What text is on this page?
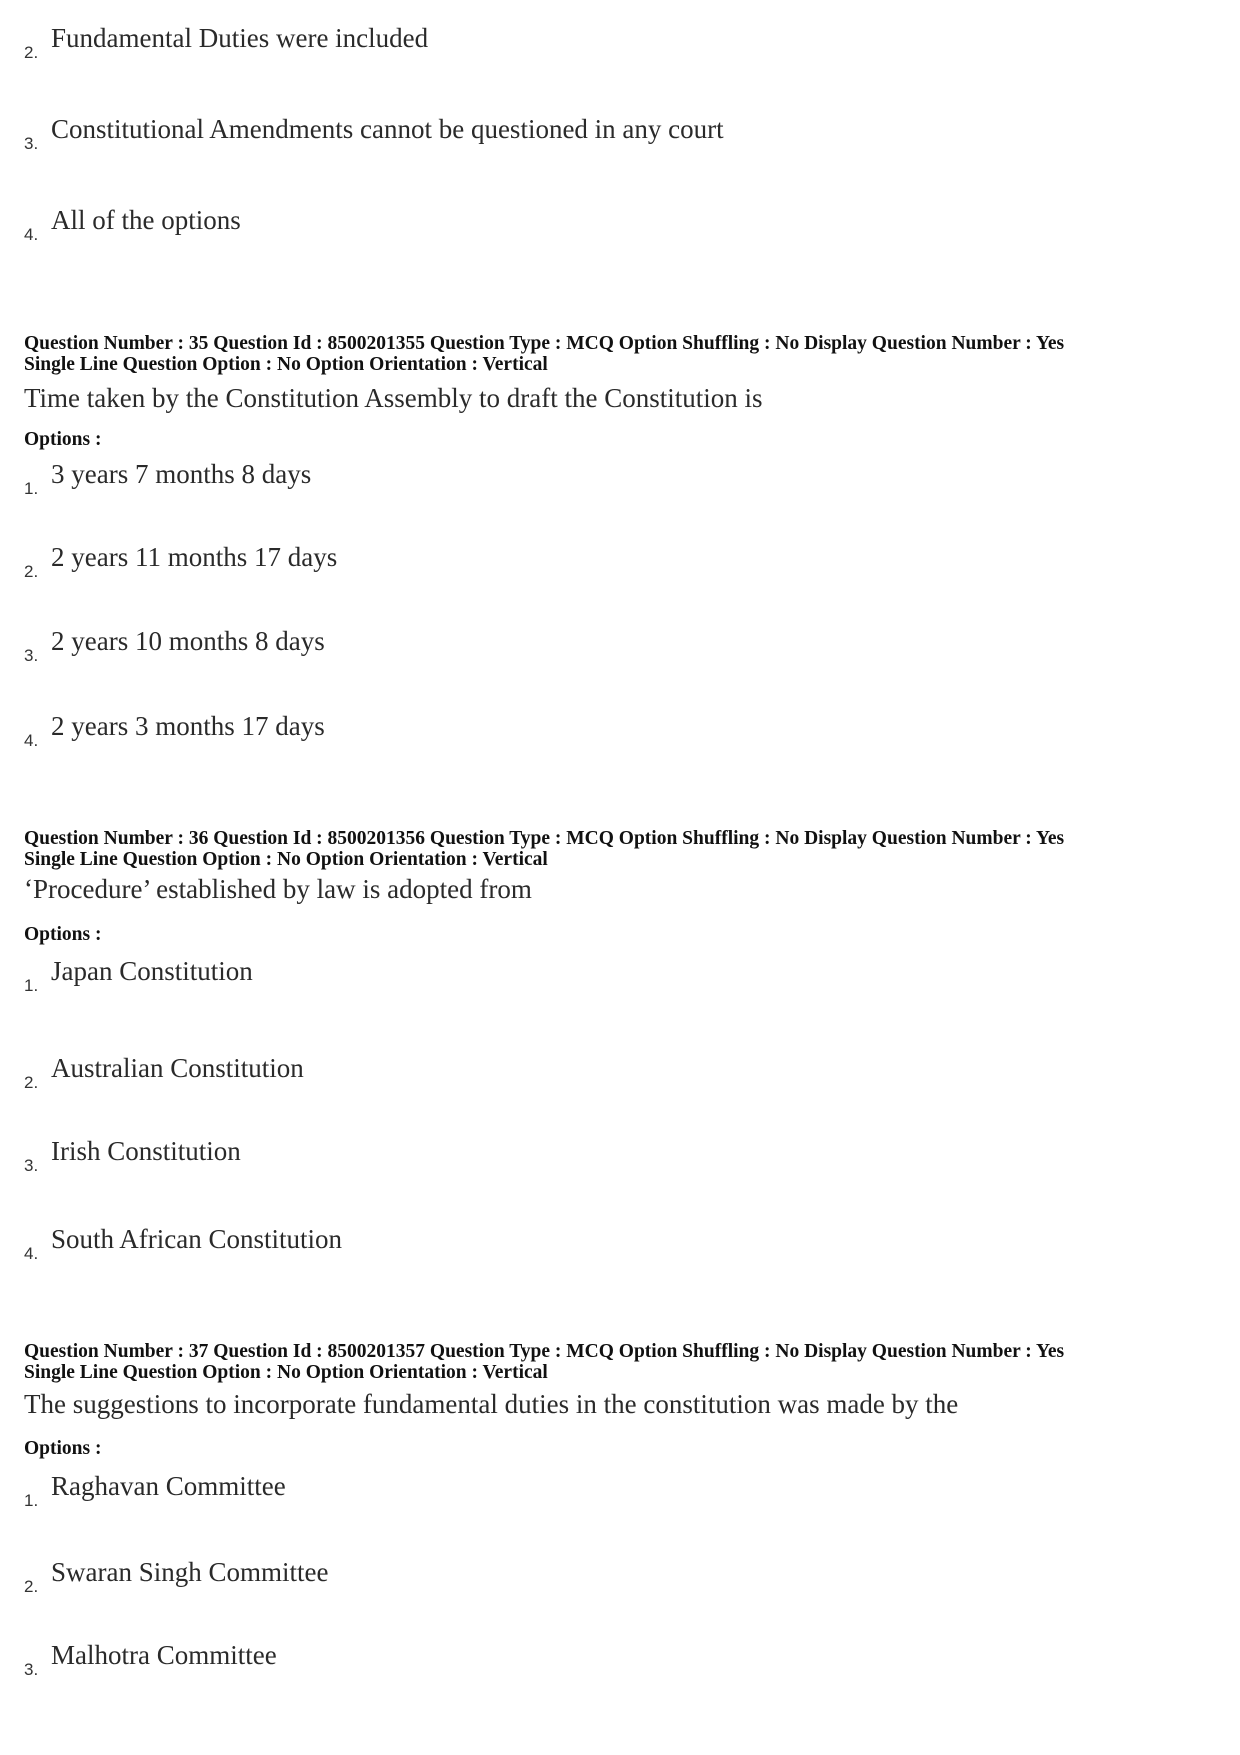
2. Fundamental Duties were included
3. Constitutional Amendments cannot be questioned in any court
4. All of the options
Question Number : 35 Question Id : 8500201355 Question Type : MCQ Option Shuffling : No Display Question Number : Yes
Single Line Question Option : No Option Orientation : Vertical
Time taken by the Constitution Assembly to draft the Constitution is
Options :
1. 3 years 7 months 8 days
2. 2 years 11 months 17 days
3. 2 years 10 months 8 days
4. 2 years 3 months 17 days
Question Number : 36 Question Id : 8500201356 Question Type : MCQ Option Shuffling : No Display Question Number : Yes
Single Line Question Option : No Option Orientation : Vertical
‘Procedure’ established by law is adopted from
Options :
1. Japan Constitution
2. Australian Constitution
3. Irish Constitution
4. South African Constitution
Question Number : 37 Question Id : 8500201357 Question Type : MCQ Option Shuffling : No Display Question Number : Yes
Single Line Question Option : No Option Orientation : Vertical
The suggestions to incorporate fundamental duties in the constitution was made by the
Options :
1. Raghavan Committee
2. Swaran Singh Committee
3. Malhotra Committee
